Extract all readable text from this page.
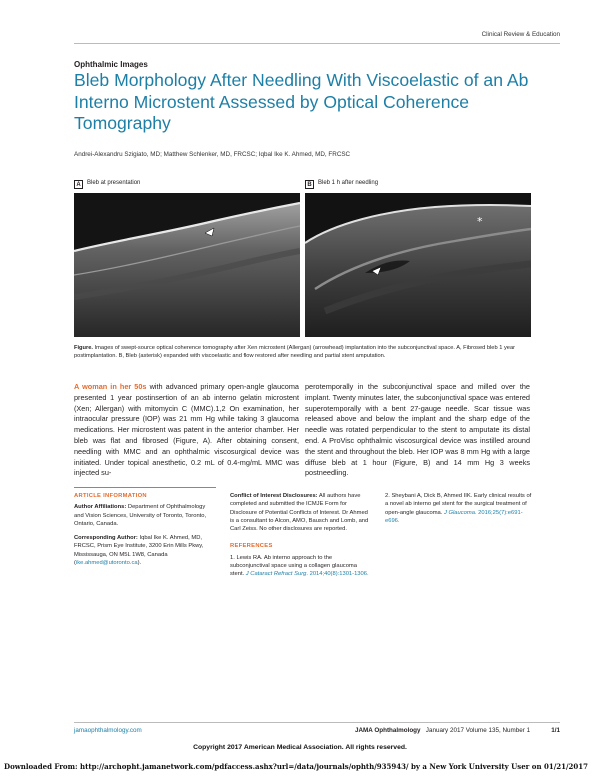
Clinical Review & Education
Ophthalmic Images
Bleb Morphology After Needling With Viscoelastic of an Ab Interno Microstent Assessed by Optical Coherence Tomography
Andrei-Alexandru Szigiato, MD; Matthew Schlenker, MD, FRCSC; Iqbal Ike K. Ahmed, MD, FRCSC
A	Bleb at presentation	B	Bleb 1 h after needling
*

Figure. Images of swept-source optical coherence tomography after Xen microstent (Allergan) (arrowhead) implantation into the subconjunctival space. A, Fibrosed bleb 1 year postimplantation. B, Bleb (asterisk) expanded with viscoelastic and flow restored after needling and partial stent amputation.

A woman in her 50s with advanced primary open-angle glaucoma presented 1 year postinsertion of an ab interno gelatin microstent (Xen; Allergan) with mitomycin C (MMC).1,2 On examination, her intraocular pressure (IOP) was 21 mm Hg while taking 3 glaucoma medications. Her microstent was patent in the anterior chamber. Her bleb was flat and fibrosed (Figure, A). After obtaining consent, needling with MMC and an ophthalmic viscosurgical device was initiated. Under topical anesthetic, 0.2 mL of 0.4-mg/mL MMC was injected su-

perotemporally in the subconjunctival space and milled over the implant. Twenty minutes later, the subconjunctival space was entered superotemporally with a bent 27-gauge needle. Scar tissue was released above and below the implant and the sharp edge of the needle was rotated perpendicular to the stent to amputate its distal end. A ProVisc ophthalmic viscosurgical device was instilled around the stent and throughout the bleb. Her IOP was 8 mm Hg with a large diffuse bleb at 1 hour (Figure, B) and 14 mm Hg 3 weeks postneedling.

ARTICLE INFORMATION

Author Affiliations: Department of Ophthalmology and Vision Sciences, University of Toronto, Toronto, Ontario, Canada.

Corresponding Author: Iqbal Ike K. Ahmed, MD, FRCSC, Prism Eye Institute, 3200 Erin Mills Pkwy, Mississauga, ON M5L 1W8, Canada (ike.ahmed@utoronto.ca).

Conflict of Interest Disclosures: All authors have completed and submitted the ICMJE Form for Disclosure of Potential Conflicts of Interest. Dr Ahmed is a consultant to Alcon, AMO, Bausch and Lomb, and Carl Zeiss. No other disclosures are reported.

REFERENCES

1. Lewis RA. Ab interno approach to the subconjunctival space using a collagen glaucoma stent. J Cataract Refract Surg. 2014;40(8):1301-1306.

2. Sheybani A, Dick B, Ahmed IIK. Early clinical results of a novel ab interno gel stent for the surgical treatment of open-angle glaucoma. J Glaucoma. 2016;25(7):e691-e696.

jamaophthalmology.com	JAMA Ophthalmology January 2017 Volume 135, Number 1	1/1
Copyright 2017 American Medical Association. All rights reserved.
Downloaded From: http://archopht.jamanetwork.com/pdfaccess.ashx?url=/data/journals/ophth/935943/ by a New York University User on 01/21/2017
